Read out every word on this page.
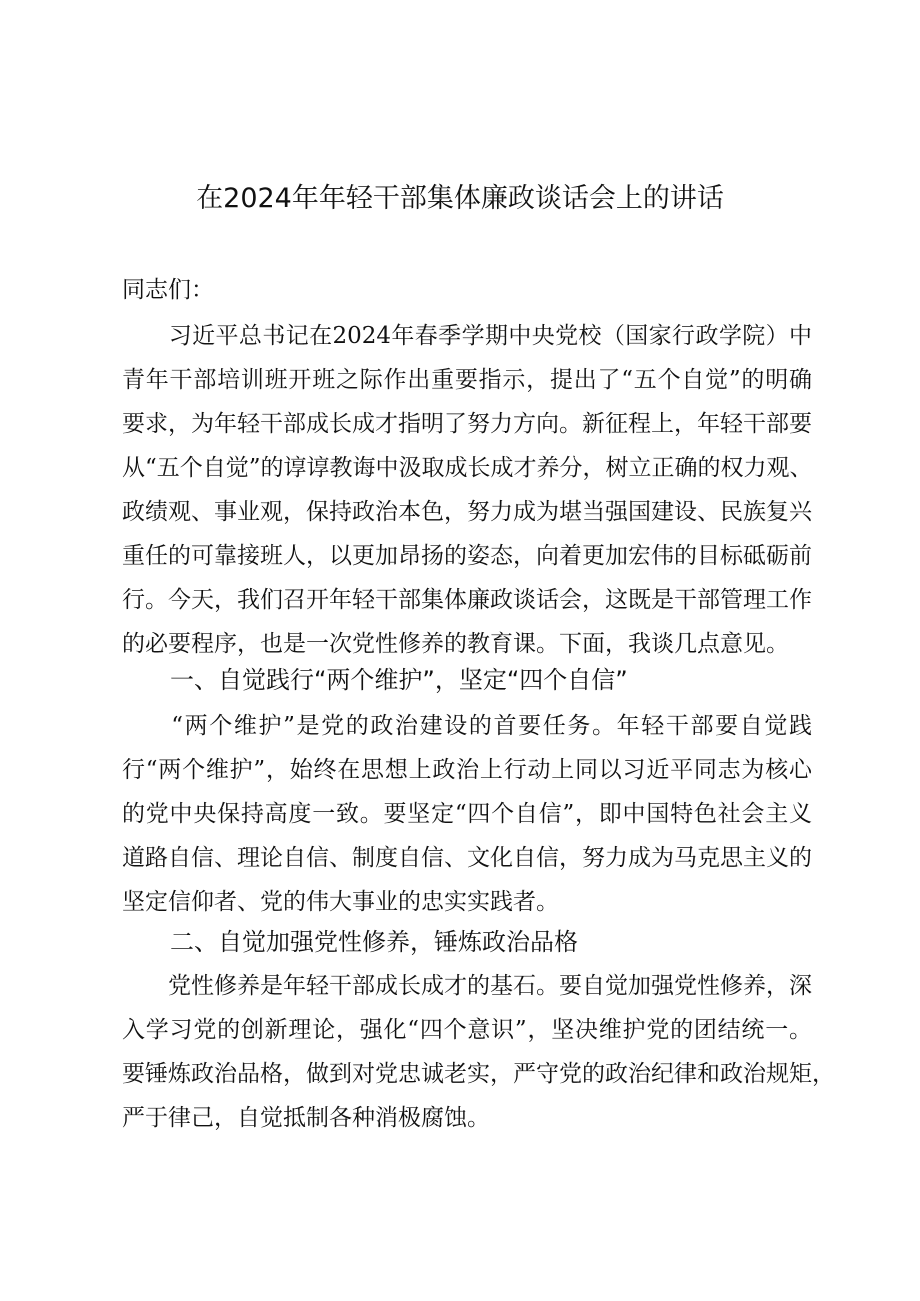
在2024年年轻干部集体廉政谈话会上的讲话
同志们：
　　习近平总书记在2024年春季学期中央党校（国家行政学院）中
青年干部培训班开班之际作出重要指示，提出了“五个自觉”的明确
要求，为年轻干部成长成才指明了努力方向。新征程上，年轻干部要
从“五个自觉”的谆谆教诲中汲取成长成才养分，树立正确的权力观、
政绩观、事业观，保持政治本色，努力成为堪当强国建设、民族复兴
重任的可靠接班人，以更加昂扬的姿态，向着更加宏伟的目标砥砺前
行。今天，我们召开年轻干部集体廉政谈话会，这既是干部管理工作
的必要程序，也是一次党性修养的教育课。下面，我谈几点意见。
一、自觉践行“两个维护”，坚定“四个自信”
　　“两个维护”是党的政治建设的首要任务。年轻干部要自觉践
行“两个维护”，始终在思想上政治上行动上同以习近平同志为核心
的党中央保持高度一致。要坚定“四个自信”，即中国特色社会主义
道路自信、理论自信、制度自信、文化自信，努力成为马克思主义的
坚定信仰者、党的伟大事业的忠实实践者。
二、自觉加强党性修养，锤炼政治品格
　　党性修养是年轻干部成长成才的基石。要自觉加强党性修养，深
入学习党的创新理论，强化“四个意识”，坚决维护党的团结统一。
要锤炼政治品格，做到对党忠诚老实，严守党的政治纪律和政治规矩，
严于律己，自觉抵制各种消极腐蚀。
